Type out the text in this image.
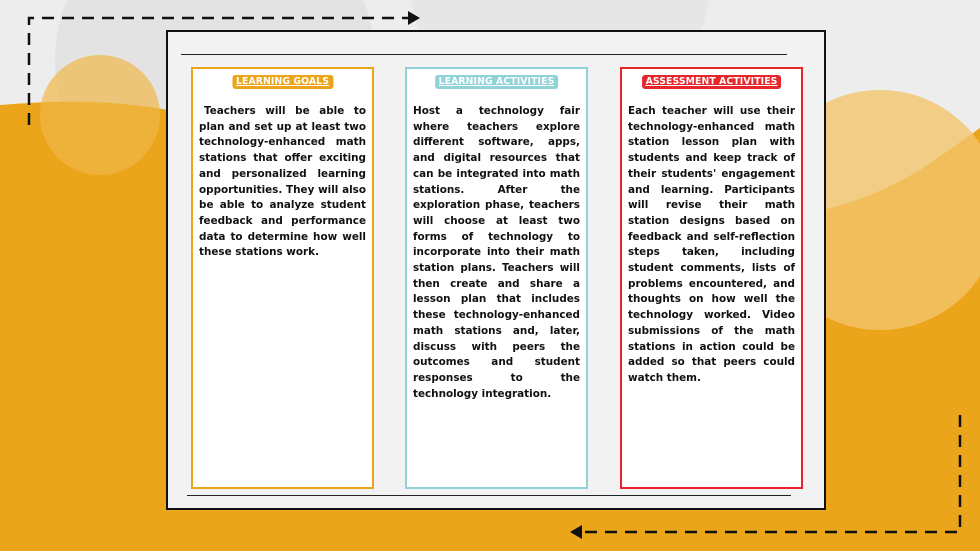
LEARNING GOALS
Teachers will be able to plan and set up at least two technology-enhanced math stations that offer exciting and personalized learning opportunities. They will also be able to analyze student feedback and performance data to determine how well these stations work.
LEARNING ACTIVITIES
Host a technology fair where teachers explore different software, apps, and digital resources that can be integrated into math stations. After the exploration phase, teachers will choose at least two forms of technology to incorporate into their math station plans. Teachers will then create and share a lesson plan that includes these technology-enhanced math stations and, later, discuss with peers the outcomes and student responses to the technology integration.
ASSESSMENT ACTIVITIES
Each teacher will use their technology-enhanced math station lesson plan with students and keep track of their students' engagement and learning. Participants will revise their math station designs based on feedback and self-reflection steps taken, including student comments, lists of problems encountered, and thoughts on how well the technology worked. Video submissions of the math stations in action could be added so that peers could watch them.
